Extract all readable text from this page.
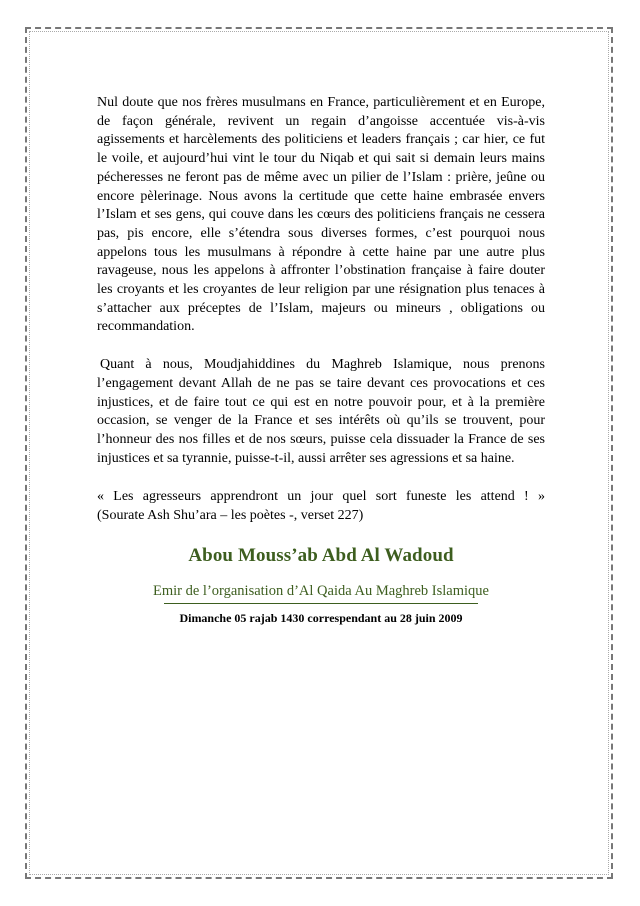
Nul doute que nos frères musulmans en France, particulièrement et en Europe, de façon générale, revivent un regain d’angoisse accentuée vis-à-vis agissements et harcèlements des politiciens et leaders français ; car hier, ce fut le voile, et aujourd’hui vint le tour du Niqab et qui sait si demain leurs mains pécheresses ne feront pas de même avec un pilier de l’Islam : prière, jeûne ou encore pèlerinage. Nous avons la certitude que cette haine embrasée envers l’Islam et ses gens, qui couve dans les cœurs des politiciens français ne cessera pas, pis encore, elle s’étendra sous diverses formes, c’est pourquoi nous appelons tous les musulmans à répondre à cette haine par une autre plus ravageuse, nous les appelons à affronter l’obstination française à faire douter les croyants et les croyantes de leur religion par une résignation plus tenaces à s’attacher aux préceptes de l’Islam, majeurs ou mineurs , obligations ou recommandation.

Quant à nous, Moudjahiddines du Maghreb Islamique, nous prenons l’engagement devant Allah de ne pas se taire devant ces provocations et ces injustices, et de faire tout ce qui est en notre pouvoir pour, et à la première occasion, se venger de la France et ses intérêts où qu’ils se trouvent, pour l’honneur des nos filles et de nos sœurs, puisse cela dissuader la France de ses injustices et sa tyrannie, puisse-t-il, aussi arrêter ses agressions et sa haine.

« Les agresseurs apprendront un jour quel sort funeste les attend ! »
(Sourate Ash Shu’ara – les poètes -, verset 227)

Abou Mouss’ab Abd Al Wadoud

Emir de l’organisation d’Al Qaida Au Maghreb Islamique

Dimanche 05 rajab 1430 correspendant au 28 juin 2009
